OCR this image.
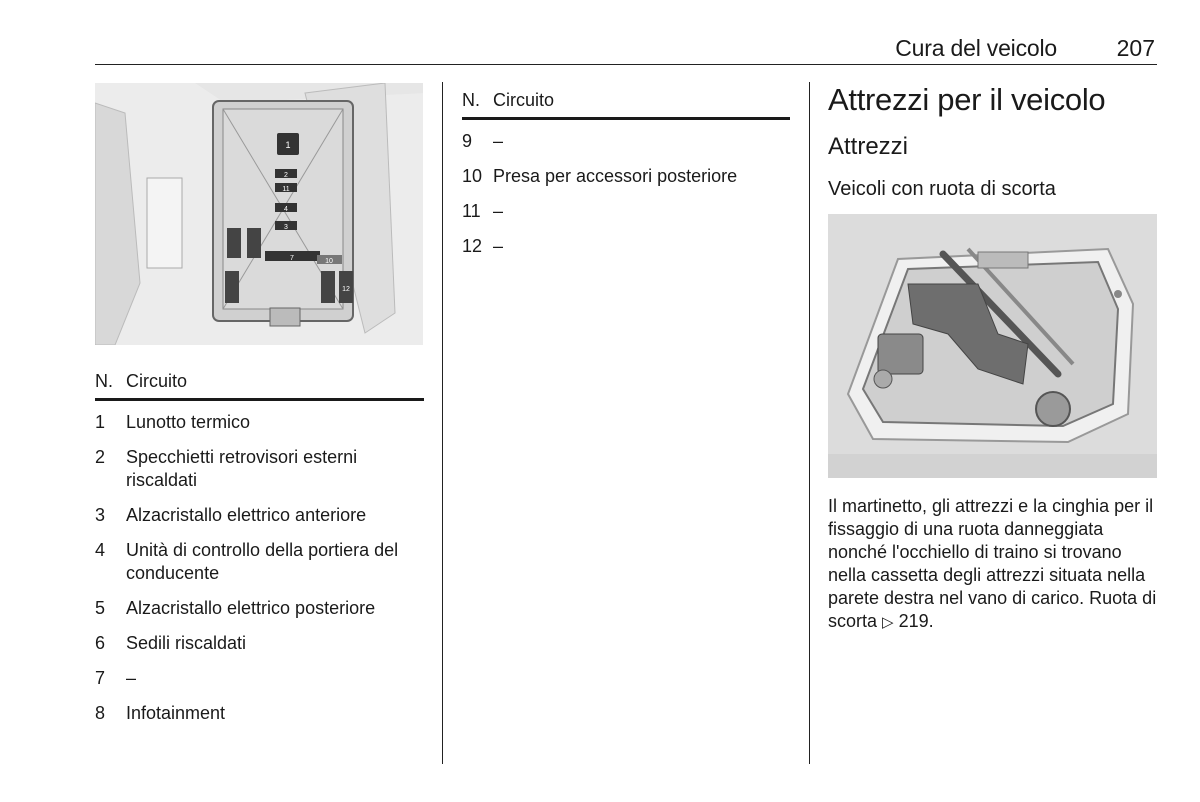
Cura del veicolo	207
1
2
11
4
3
7	10
12
N. Circuito
1	Lunotto termico
2	Specchietti retrovisori esterni riscaldati
3	Alzacristallo elettrico anteriore
4	Unità di controllo della portiera del conducente
5	Alzacristallo elettrico posteriore
6	Sedili riscaldati
7	–
8	Infotainment
N. Circuito
9	–
10 Presa per accessori posteriore
11 –
12 –
Attrezzi per il veicolo
Attrezzi
Veicoli con ruota di scorta
Il martinetto, gli attrezzi e la cinghia per il fissaggio di una ruota danneggiata nonché l'occhiello di traino si trovano nella cassetta degli attrezzi situata nella parete destra nel vano di carico. Ruota di scorta ▷ 219.
